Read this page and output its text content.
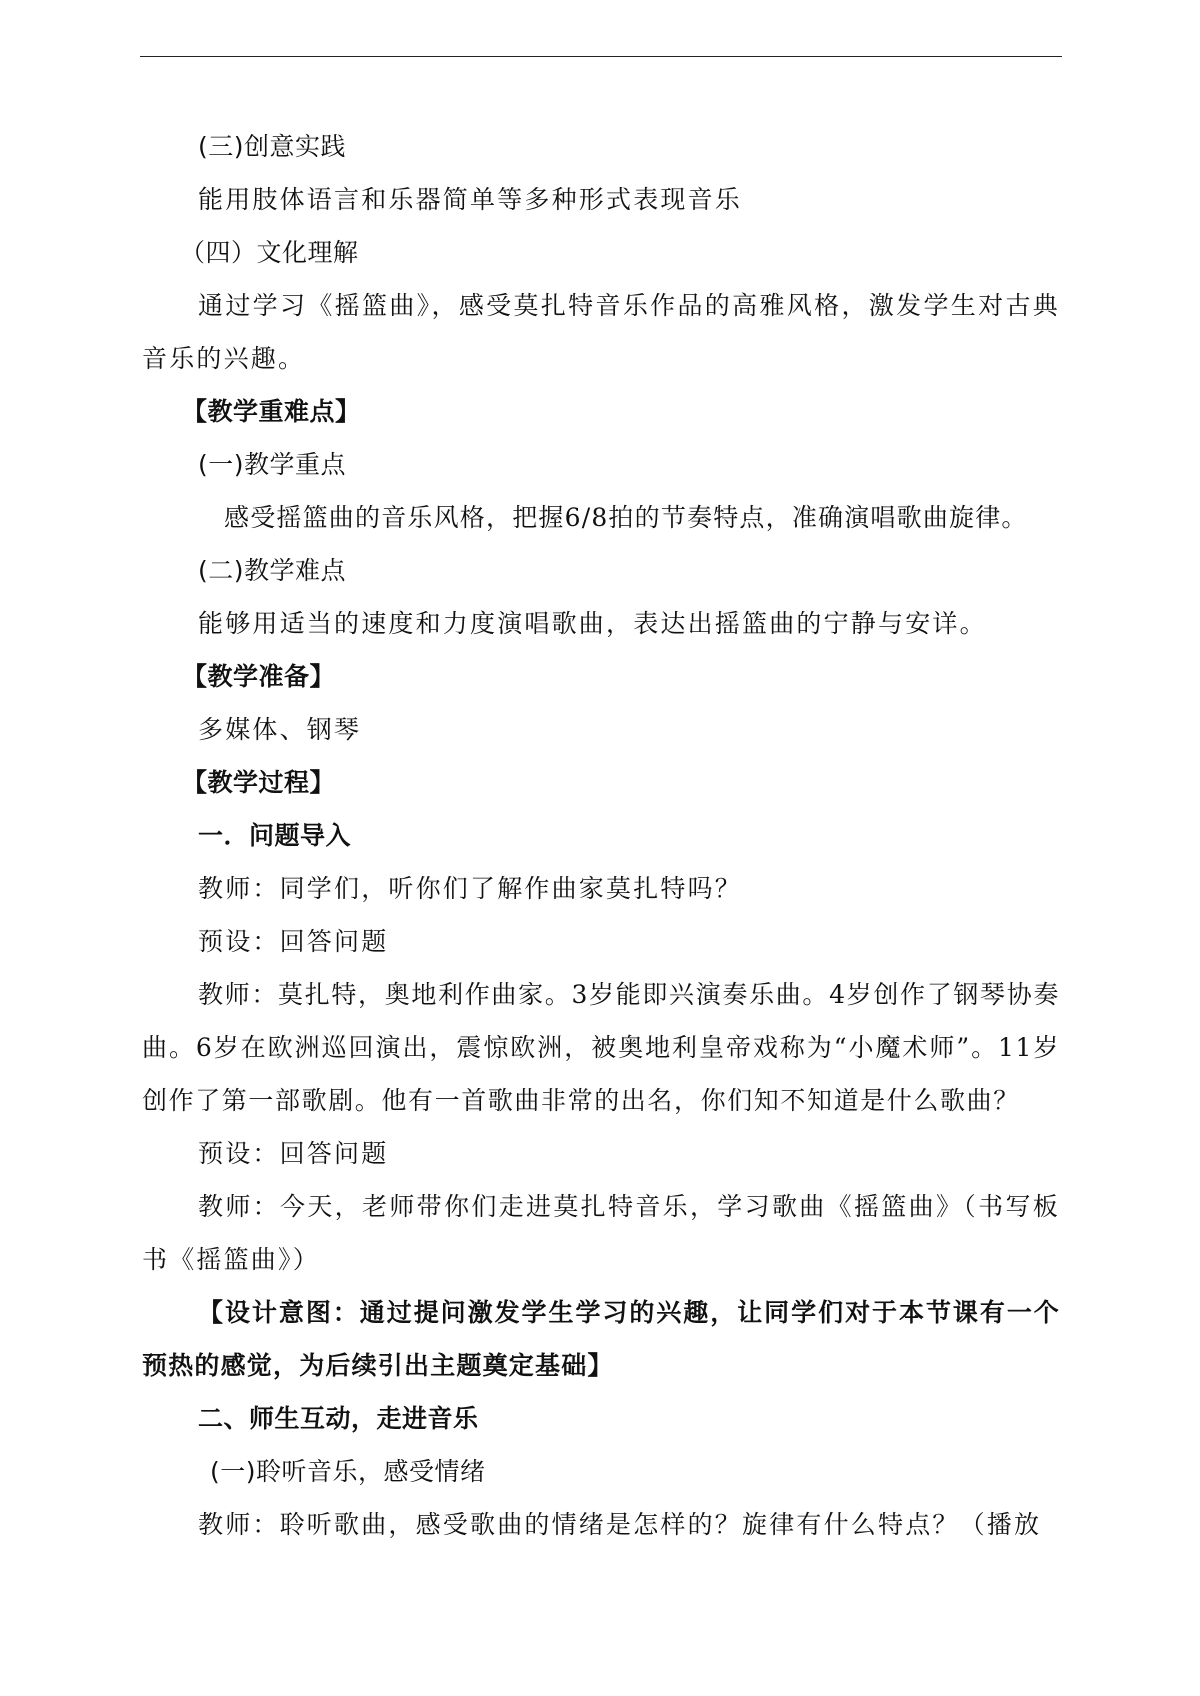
(三)创意实践

能用肢体语言和乐器简单等多种形式表现音乐

（四）文化理解

通过学习《摇篮曲》，感受莫扎特音乐作品的高雅风格，激发学生对古典音乐的兴趣。

【教学重难点】

(一)教学重点

感受摇篮曲的音乐风格，把握6/8拍的节奏特点，准确演唱歌曲旋律。

(二)教学难点

能够用适当的速度和力度演唱歌曲，表达出摇篮曲的宁静与安详。

【教学准备】

多媒体、钢琴

【教学过程】

一．问题导入

教师：同学们，听你们了解作曲家莫扎特吗？

预设：回答问题

教师：莫扎特，奥地利作曲家。3岁能即兴演奏乐曲。4岁创作了钢琴协奏曲。6岁在欧洲巡回演出，震惊欧洲，被奥地利皇帝戏称为“小魔术师”。11岁创作了第一部歌剧。他有一首歌曲非常的出名，你们知不知道是什么歌曲？

预设：回答问题

教师：今天，老师带你们走进莫扎特音乐，学习歌曲《摇篮曲》（书写板书《摇篮曲》）

【设计意图：通过提问激发学生学习的兴趣，让同学们对于本节课有一个预热的感觉，为后续引出主题奠定基础】

二、师生互动，走进音乐

(一)聆听音乐，感受情绪

教师：聆听歌曲，感受歌曲的情绪是怎样的？旋律有什么特点？（播放
